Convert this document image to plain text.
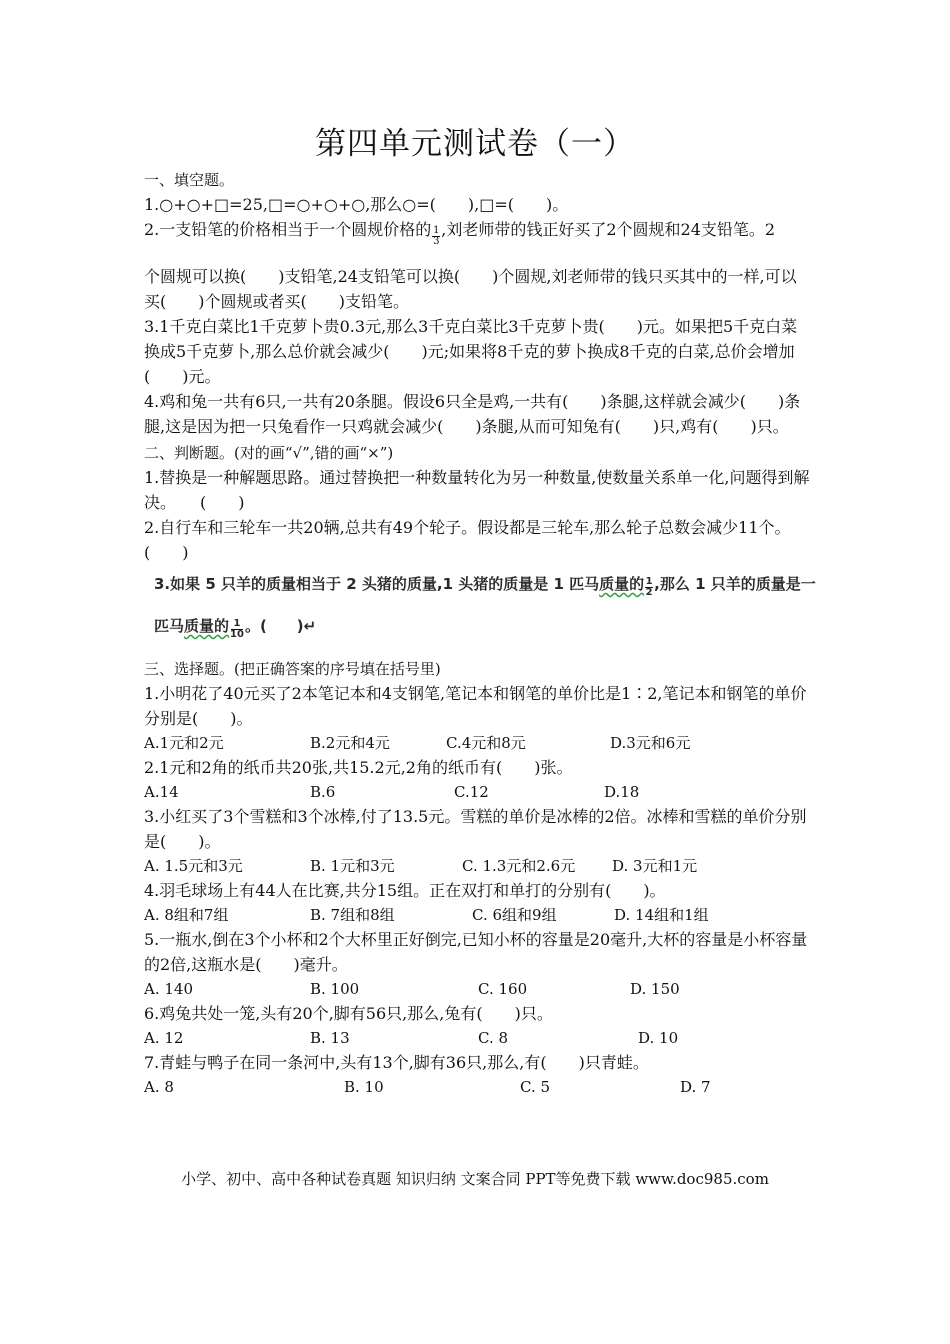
第四单元测试卷（一）
一、填空题。
1.○+○+□=25,□=○+○+○,那么○=(　　),□=(　　)。
2.一支铅笔的价格相当于一个圆规价格的 $\frac{1}{3}$ ,刘老师带的钱正好买了2个圆规和24支铅笔。2
个圆规可以换(　　)支铅笔,24支铅笔可以换(　　)个圆规,刘老师带的钱只买其中的一样,可以买(　　)个圆规或者买(　　)支铅笔。
3.1千克白菜比1千克萝卜贵0.3元,那么3千克白菜比3千克萝卜贵(　　)元。如果把5千克白菜换成5千克萝卜,那么总价就会减少(　　)元;如果将8千克的萝卜换成8千克的白菜,总价会增加(　　)元。
4.鸡和兔一共有6只,一共有20条腿。假设6只全是鸡,一共有(　　)条腿,这样就会减少(　　)条腿,这是因为把一只兔看作一只鸡就会减少(　　)条腿,从而可知兔有(　　)只,鸡有(　　)只。
二、判断题。(对的画“√”,错的画“×”)
1.替换是一种解题思路。通过替换把一种数量转化为另一种数量,使数量关系单一化,问题得到解决。　　(　　)
2.自行车和三轮车一共20辆,总共有49个轮子。假设都是三轮车,那么轮子总数会减少11个。　　(　　)
3.如果 5 只羊的质量相当于 2 头猪的质量,1 头猪的质量是 1 匹马质量的 $\frac{1}{2}$ ,那么 1 只羊的质量是一
匹马质量的 $\frac{1}{10}$ 。(　　)↵
三、选择题。(把正确答案的序号填在括号里)
1.小明花了40元买了2本笔记本和4支钢笔,笔记本和钢笔的单价比是1∶2,笔记本和钢笔的单价分别是(　　)。
A.1元和2元	B.2元和4元	C.4元和8元	D.3元和6元
2.1元和2角的纸币共20张,共15.2元,2角的纸币有(　　)张。
A.14	B.6	C.12	D.18
3.小红买了3个雪糕和3个冰棒,付了13.5元。雪糕的单价是冰棒的2倍。冰棒和雪糕的单价分别是(　　)。
A. 1.5元和3元	B. 1元和3元	C. 1.3元和2.6元	D. 3元和1元
4.羽毛球场上有44人在比赛,共分15组。正在双打和单打的分别有(　　)。
A. 8组和7组	B. 7组和8组	C. 6组和9组	D. 14组和1组
5.一瓶水,倒在3个小杯和2个大杯里正好倒完,已知小杯的容量是20毫升,大杯的容量是小杯容量的2倍,这瓶水是(　　)毫升。
A. 140	B. 100	C. 160	D. 150
6.鸡兔共处一笼,头有20个,脚有56只,那么,兔有(　　)只。
A. 12	B. 13	C. 8	D. 10
7.青蛙与鸭子在同一条河中,头有13个,脚有36只,那么,有(　　)只青蛙。
A. 8	B. 10	C. 5	D. 7
小学、初中、高中各种试卷真题 知识归纳 文案合同 PPT等免费下载 www.doc985.com
